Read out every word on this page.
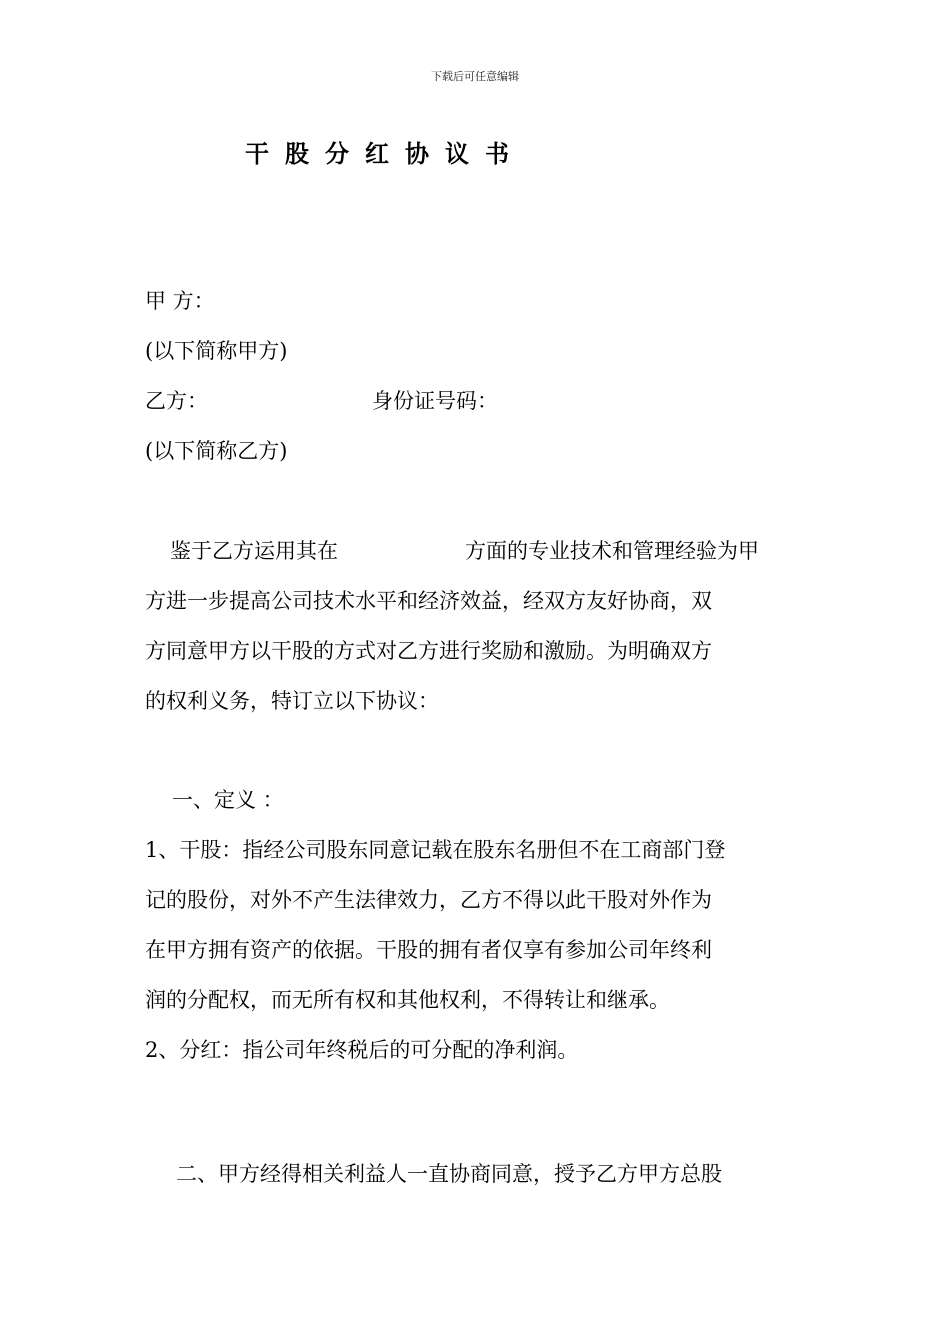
下载后可任意编辑
干股分红协议书
甲 方：
(以下简称甲方)
乙方：	身份证号码：
(以下简称乙方)
鉴于乙方运用其在	方面的专业技术和管理经验为甲
方进一步提高公司技术水平和经济效益，经双方友好协商，双
方同意甲方以干股的方式对乙方进行奖励和激励。为明确双方
的权利义务，特订立以下协议：
一、定义 ：
1、干股：指经公司股东同意记载在股东名册但不在工商部门登
记的股份，对外不产生法律效力，乙方不得以此干股对外作为
在甲方拥有资产的依据。干股的拥有者仅享有参加公司年终利
润的分配权，而无所有权和其他权利，不得转让和继承。
2、分红：指公司年终税后的可分配的净利润。
二、甲方经得相关利益人一直协商同意，授予乙方甲方总股
